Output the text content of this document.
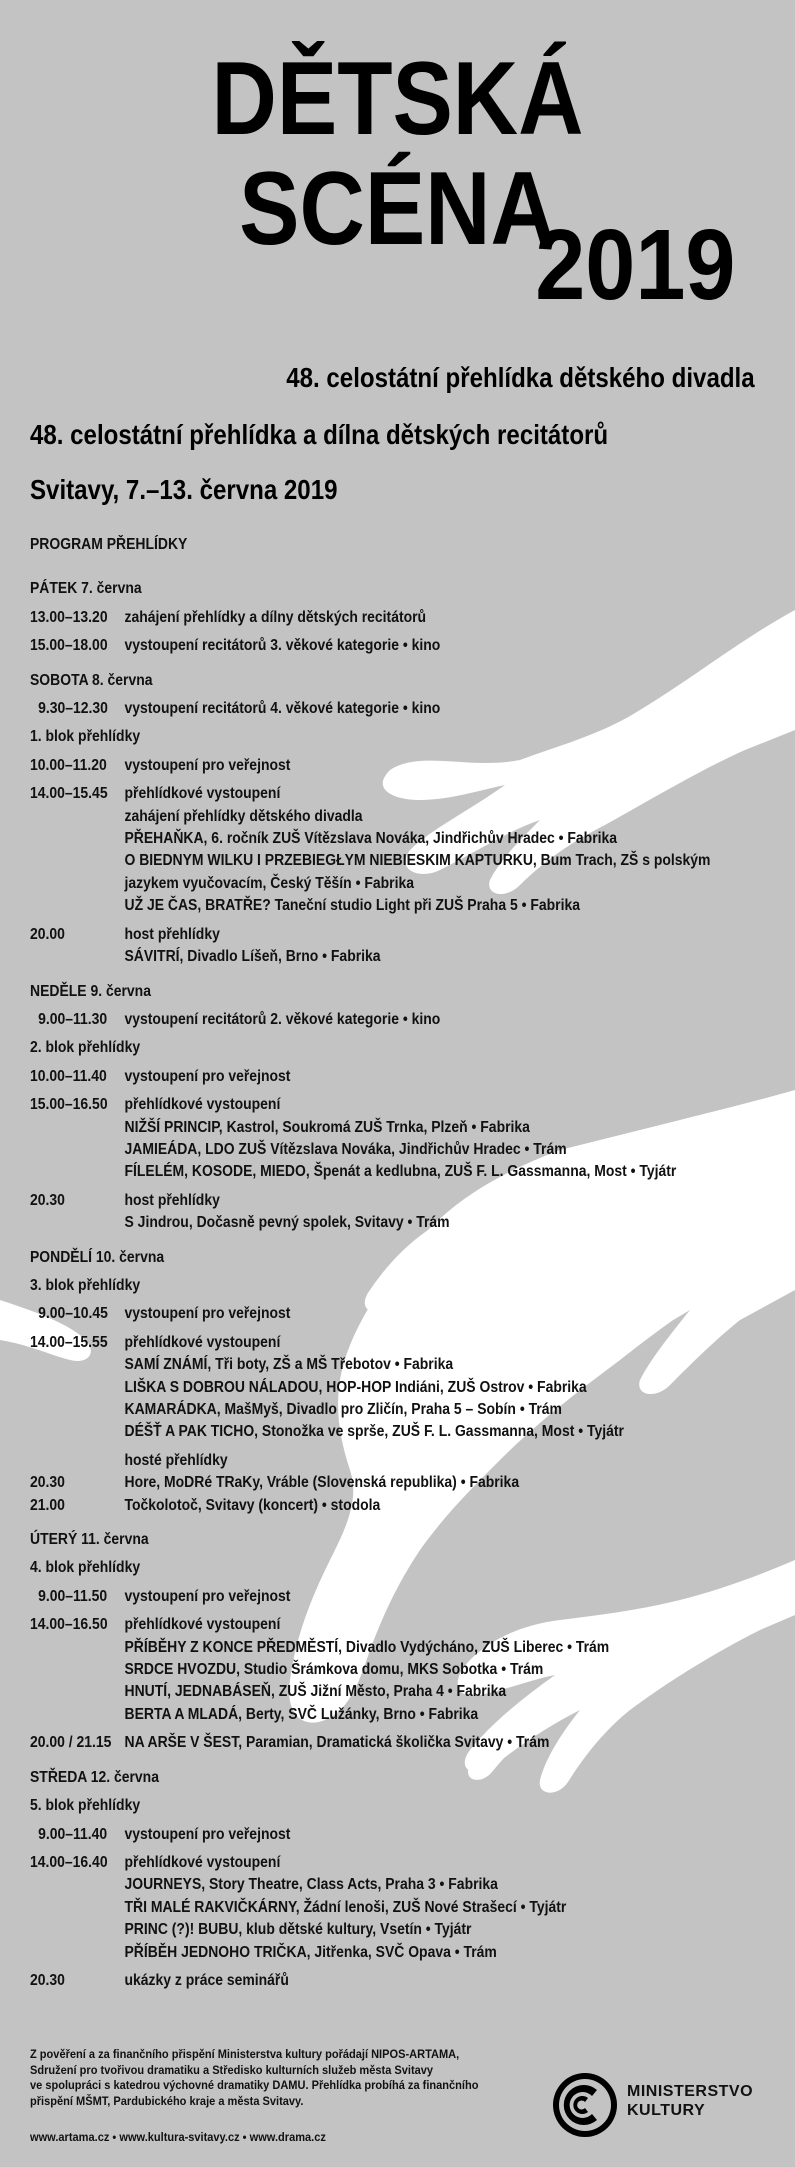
DĚTSKÁ SCÉNA
2019
48. celostátní přehlídka dětského divadla
48. celostátní přehlídka a dílna dětských recitátorů
Svitavy, 7.–13. června 2019
PROGRAM PŘEHLÍDKY
PÁTEK 7. června
13.00–13.20	zahájení přehlídky a dílny dětských recitátorů
15.00–18.00	vystoupení recitátorů 3. věkové kategorie • kino
SOBOTA 8. června
9.30–12.30	vystoupení recitátorů 4. věkové kategorie • kino
1. blok přehlídky
10.00–11.20	vystoupení pro veřejnost
14.00–15.45	přehlídkové vystoupení
zahájení přehlídky dětského divadla
PŘEHAŇKA, 6. ročník ZUŠ Vítězslava Nováka, Jindřichův Hradec • Fabrika
O BIEDNYM WILKU I PRZEBIEGŁYM NIEBIESKIM KAPTURKU, Bum Trach, ZŠ s polským
jazykem vyučovacím, Český Těšín • Fabrika
UŽ JE ČAS, BRATŘE? Taneční studio Light při ZUŠ Praha 5 • Fabrika
20.00	host přehlídky
SÁVITRÍ, Divadlo Líšeň, Brno • Fabrika
NEDĚLE 9. června
9.00–11.30	vystoupení recitátorů 2. věkové kategorie • kino
2. blok přehlídky
10.00–11.40	vystoupení pro veřejnost
15.00–16.50	přehlídkové vystoupení
NIŽŠÍ PRINCIP, Kastrol, Soukromá ZUŠ Trnka, Plzeň • Fabrika
JAMIEÁDA, LDO ZUŠ Vítězslava Nováka, Jindřichův Hradec • Trám
FÍLELÉM, KOSODE, MIEDO, Špenát a kedlubna, ZUŠ F. L. Gassmanna, Most • Tyjátr
20.30	host přehlídky
S Jindrou, Dočasně pevný spolek, Svitavy • Trám
PONDĚLÍ 10. června
3. blok přehlídky
9.00–10.45	vystoupení pro veřejnost
14.00–15.55	přehlídkové vystoupení
SAMÍ ZNÁMÍ, Tři boty, ZŠ a MŠ Třebotov • Fabrika
LIŠKA S DOBROU NÁLADOU, HOP-HOP Indiáni, ZUŠ Ostrov • Fabrika
KAMARÁDKA, MašMyš, Divadlo pro Zličín, Praha 5 – Sobín • Trám
DÉŠŤ A PAK TICHO, Stonožka ve spršе, ZUŠ F. L. Gassmanna, Most • Tyjátr
hosté přehlídky
20.30	Hore, MoDRé TRaKy, Vráble (Slovenská republika) • Fabrika
21.00	Točkolotoč, Svitavy (koncert) • stodola
ÚTERÝ 11. června
4. blok přehlídky
9.00–11.50	vystoupení pro veřejnost
14.00–16.50	přehlídkové vystoupení
PŘÍBĚHY Z KONCE PŘEDMĚSTÍ, Divadlo Vydýcháno, ZUŠ Liberec • Trám
SRDCE HVOZDU, Studio Šrámkova domu, MKS Sobotka • Trám
HNUTÍ, JEDNABÁSEŇ, ZUŠ Jižní Město, Praha 4 • Fabrika
BERTA A MLADÁ, Berty, SVČ Lužánky, Brno • Fabrika
20.00 / 21.15 NA ARŠE V ŠEST, Paramian, Dramatická školička Svitavy • Trám
STŘEDA 12. června
5. blok přehlídky
9.00–11.40	vystoupení pro veřejnost
14.00–16.40	přehlídkové vystoupení
JOURNEYS, Story Theatre, Class Acts, Praha 3 • Fabrika
TŘI MALÉ RAKVIČKÁRNY, Žádní lenoši, ZUŠ Nové Strašecí • Tyjátr
PRINC (?)! BUBU, klub dětské kultury, Vsetín • Tyjátr
PŘÍBĚH JEDNOHO TRIČKA, Jitřenka, SVČ Opava • Trám
20.30	ukázky z práce seminářů
Z pověření a za finančního přispění Ministerstva kultury pořádají NIPOS-ARTAMA,
Sdružení pro tvořivou dramatiku a Středisko kulturních služeb města Svitavy
ve spolupráci s katedrou výchovné dramatiky DAMU. Přehlídka probíhá za finančního
přispění MŠMT, Pardubického kraje a města Svitavy.
www.artama.cz • www.kultura-svitavy.cz • www.drama.cz
MINISTERSTVO
KULTURY
